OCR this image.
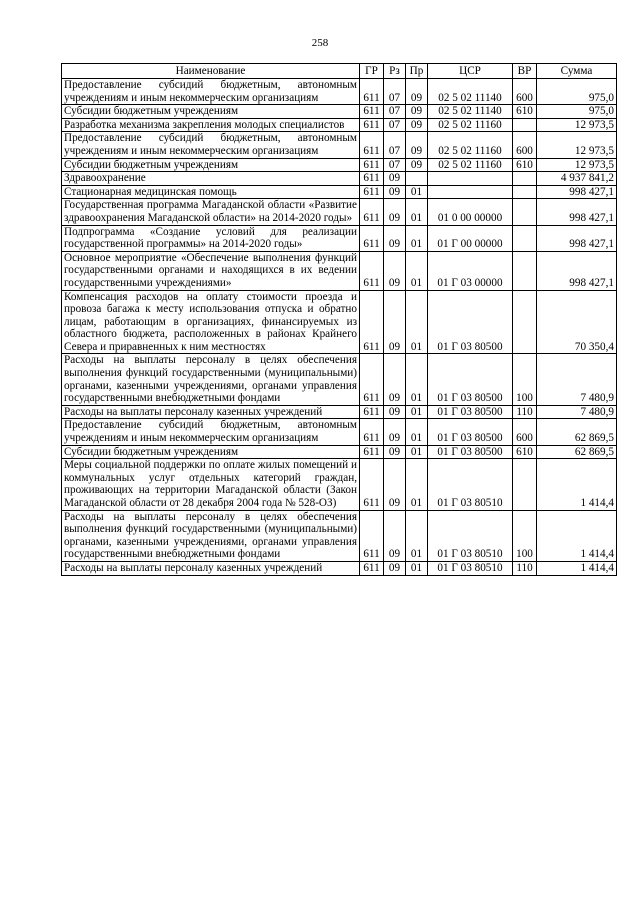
258
Наименование	ГР	Рз	Пр	ЦСР	ВР	Сумма
Предоставление субсидий бюджетным, автономным учреждениям и иным некоммерческим организациям	611	07	09	02 5 02 11140	600	975,0
Субсидии бюджетным учреждениям	611	07	09	02 5 02 11140	610	975,0
Разработка механизма закрепления молодых специалистов	611	07	09	02 5 02 11160		12 973,5
Предоставление субсидий бюджетным, автономным учреждениям и иным некоммерческим организациям	611	07	09	02 5 02 11160	600	12 973,5
Субсидии бюджетным учреждениям	611	07	09	02 5 02 11160	610	12 973,5
Здравоохранение	611	09				4 937 841,2
Стационарная медицинская помощь	611	09	01			998 427,1
Государственная программа Магаданской области «Развитие здравоохранения Магаданской области» на 2014-2020 годы»	611	09	01	01 0 00 00000		998 427,1
Подпрограмма «Создание условий для реализации государственной программы» на 2014-2020 годы»	611	09	01	01 Г 00 00000		998 427,1
Основное мероприятие «Обеспечение выполнения функций государственными органами и находящихся в их ведении государственными учреждениями»	611	09	01	01 Г 03 00000		998 427,1
Компенсация расходов на оплату стоимости проезда и провоза багажа к месту использования отпуска и обратно лицам, работающим в организациях, финансируемых из областного бюджета, расположенных в районах Крайнего Севера и приравненных к ним местностях	611	09	01	01 Г 03 80500		70 350,4
Расходы на выплаты персоналу в целях обеспечения выполнения функций государственными (муниципальными) органами, казенными учреждениями, органами управления государственными внебюджетными фондами	611	09	01	01 Г 03 80500	100	7 480,9
Расходы на выплаты персоналу казенных учреждений	611	09	01	01 Г 03 80500	110	7 480,9
Предоставление субсидий бюджетным, автономным учреждениям и иным некоммерческим организациям	611	09	01	01 Г 03 80500	600	62 869,5
Субсидии бюджетным учреждениям	611	09	01	01 Г 03 80500	610	62 869,5
Меры социальной поддержки по оплате жилых помещений и коммунальных услуг отдельных категорий граждан, проживающих на территории Магаданской области (Закон Магаданской области от 28 декабря 2004 года № 528-ОЗ)	611	09	01	01 Г 03 80510		1 414,4
Расходы на выплаты персоналу в целях обеспечения выполнения функций государственными (муниципальными) органами, казенными учреждениями, органами управления государственными внебюджетными фондами	611	09	01	01 Г 03 80510	100	1 414,4
Расходы на выплаты персоналу казенных учреждений	611	09	01	01 Г 03 80510	110	1 414,4
